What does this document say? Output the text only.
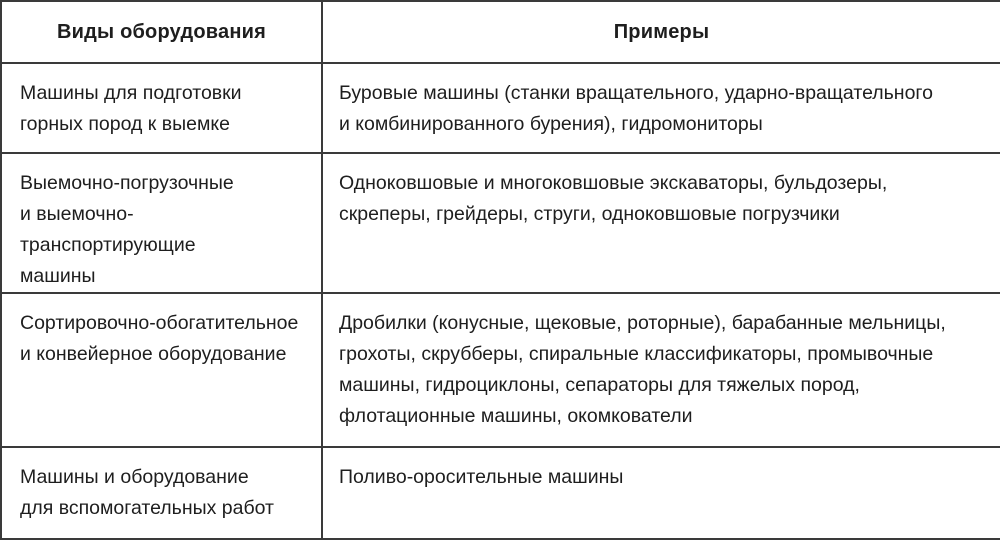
Виды оборудования	Примеры

Машины для подготовки
горных пород к выемке	Буровые машины (станки вращательного, ударно-вращательного
и комбинированного бурения), гидромониторы

Выемочно-погрузочные
и выемочно-транспортирующие
машины	Одноковшовые и многоковшовые экскаваторы, бульдозеры,
скреперы, грейдеры, струги, одноковшовые погрузчики

Сортировочно-обогатительное
и конвейерное оборудование	Дробилки (конусные, щековые, роторные), барабанные мельницы,
грохоты, скрубберы, спиральные классификаторы, промывочные
машины, гидроциклоны, сепараторы для тяжелых пород,
флотационные машины, окомкователи

Машины и оборудование
для вспомогательных работ	Поливо-оросительные машины
